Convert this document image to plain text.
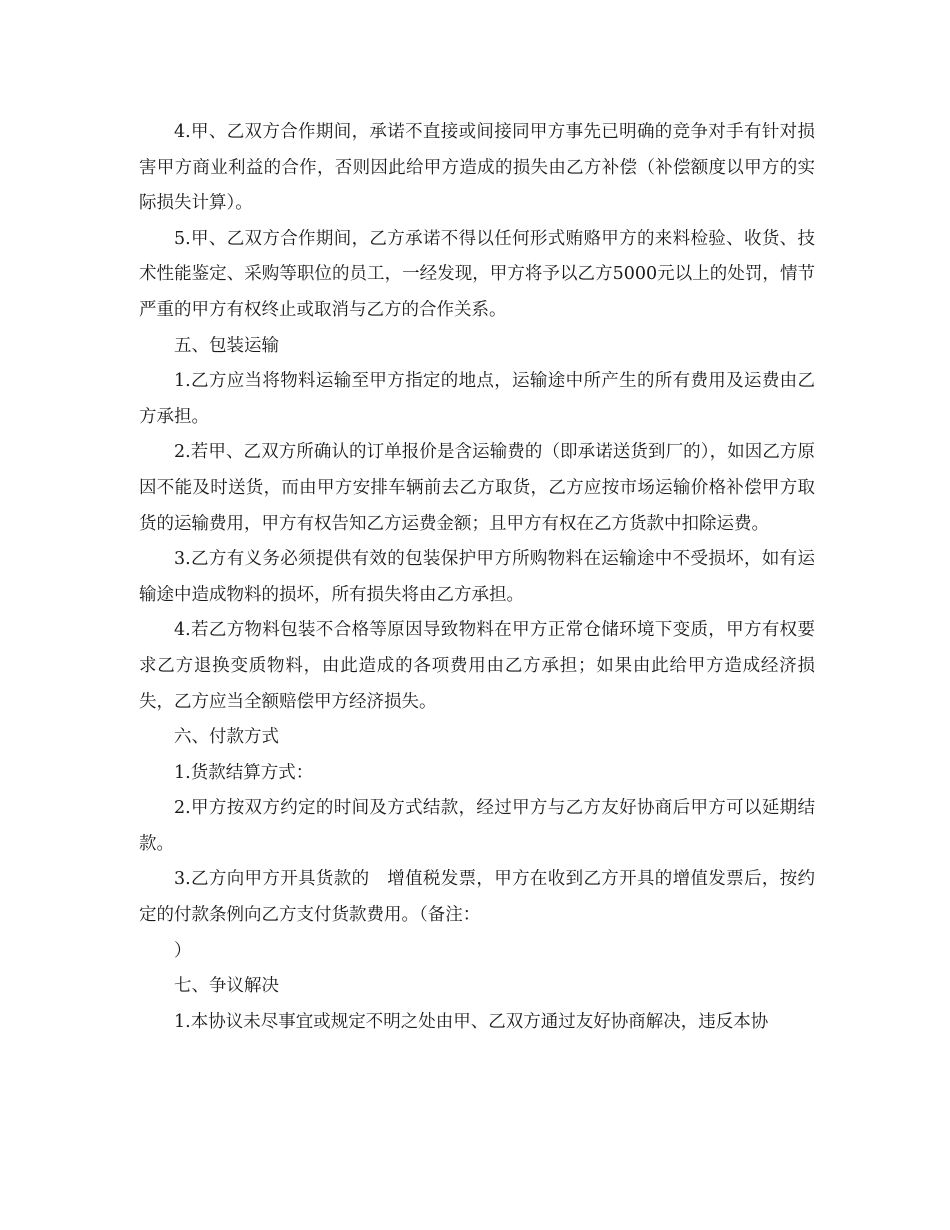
4.甲、乙双方合作期间，承诺不直接或间接同甲方事先已明确的竞争对手有针对损害甲方商业利益的合作，否则因此给甲方造成的损失由乙方补偿（补偿额度以甲方的实际损失计算）。

5.甲、乙双方合作期间，乙方承诺不得以任何形式贿赂甲方的来料检验、收货、技术性能鉴定、采购等职位的员工，一经发现，甲方将予以乙方5000元以上的处罚，情节严重的甲方有权终止或取消与乙方的合作关系。

五、包装运输

1.乙方应当将物料运输至甲方指定的地点，运输途中所产生的所有费用及运费由乙方承担。

2.若甲、乙双方所确认的订单报价是含运输费的（即承诺送货到厂的），如因乙方原因不能及时送货，而由甲方安排车辆前去乙方取货，乙方应按市场运输价格补偿甲方取货的运输费用，甲方有权告知乙方运费金额；且甲方有权在乙方货款中扣除运费。

3.乙方有义务必须提供有效的包装保护甲方所购物料在运输途中不受损坏，如有运输途中造成物料的损坏，所有损失将由乙方承担。

4.若乙方物料包装不合格等原因导致物料在甲方正常仓储环境下变质，甲方有权要求乙方退换变质物料，由此造成的各项费用由乙方承担；如果由此给甲方造成经济损失，乙方应当全额赔偿甲方经济损失。

六、付款方式

1.货款结算方式：

2.甲方按双方约定的时间及方式结款，经过甲方与乙方友好协商后甲方可以延期结款。

3.乙方向甲方开具货款的　增值税发票，甲方在收到乙方开具的增值发票后，按约定的付款条例向乙方支付货款费用。（备注：

）

七、争议解决

1.本协议未尽事宜或规定不明之处由甲、乙双方通过友好协商解决，违反本协
